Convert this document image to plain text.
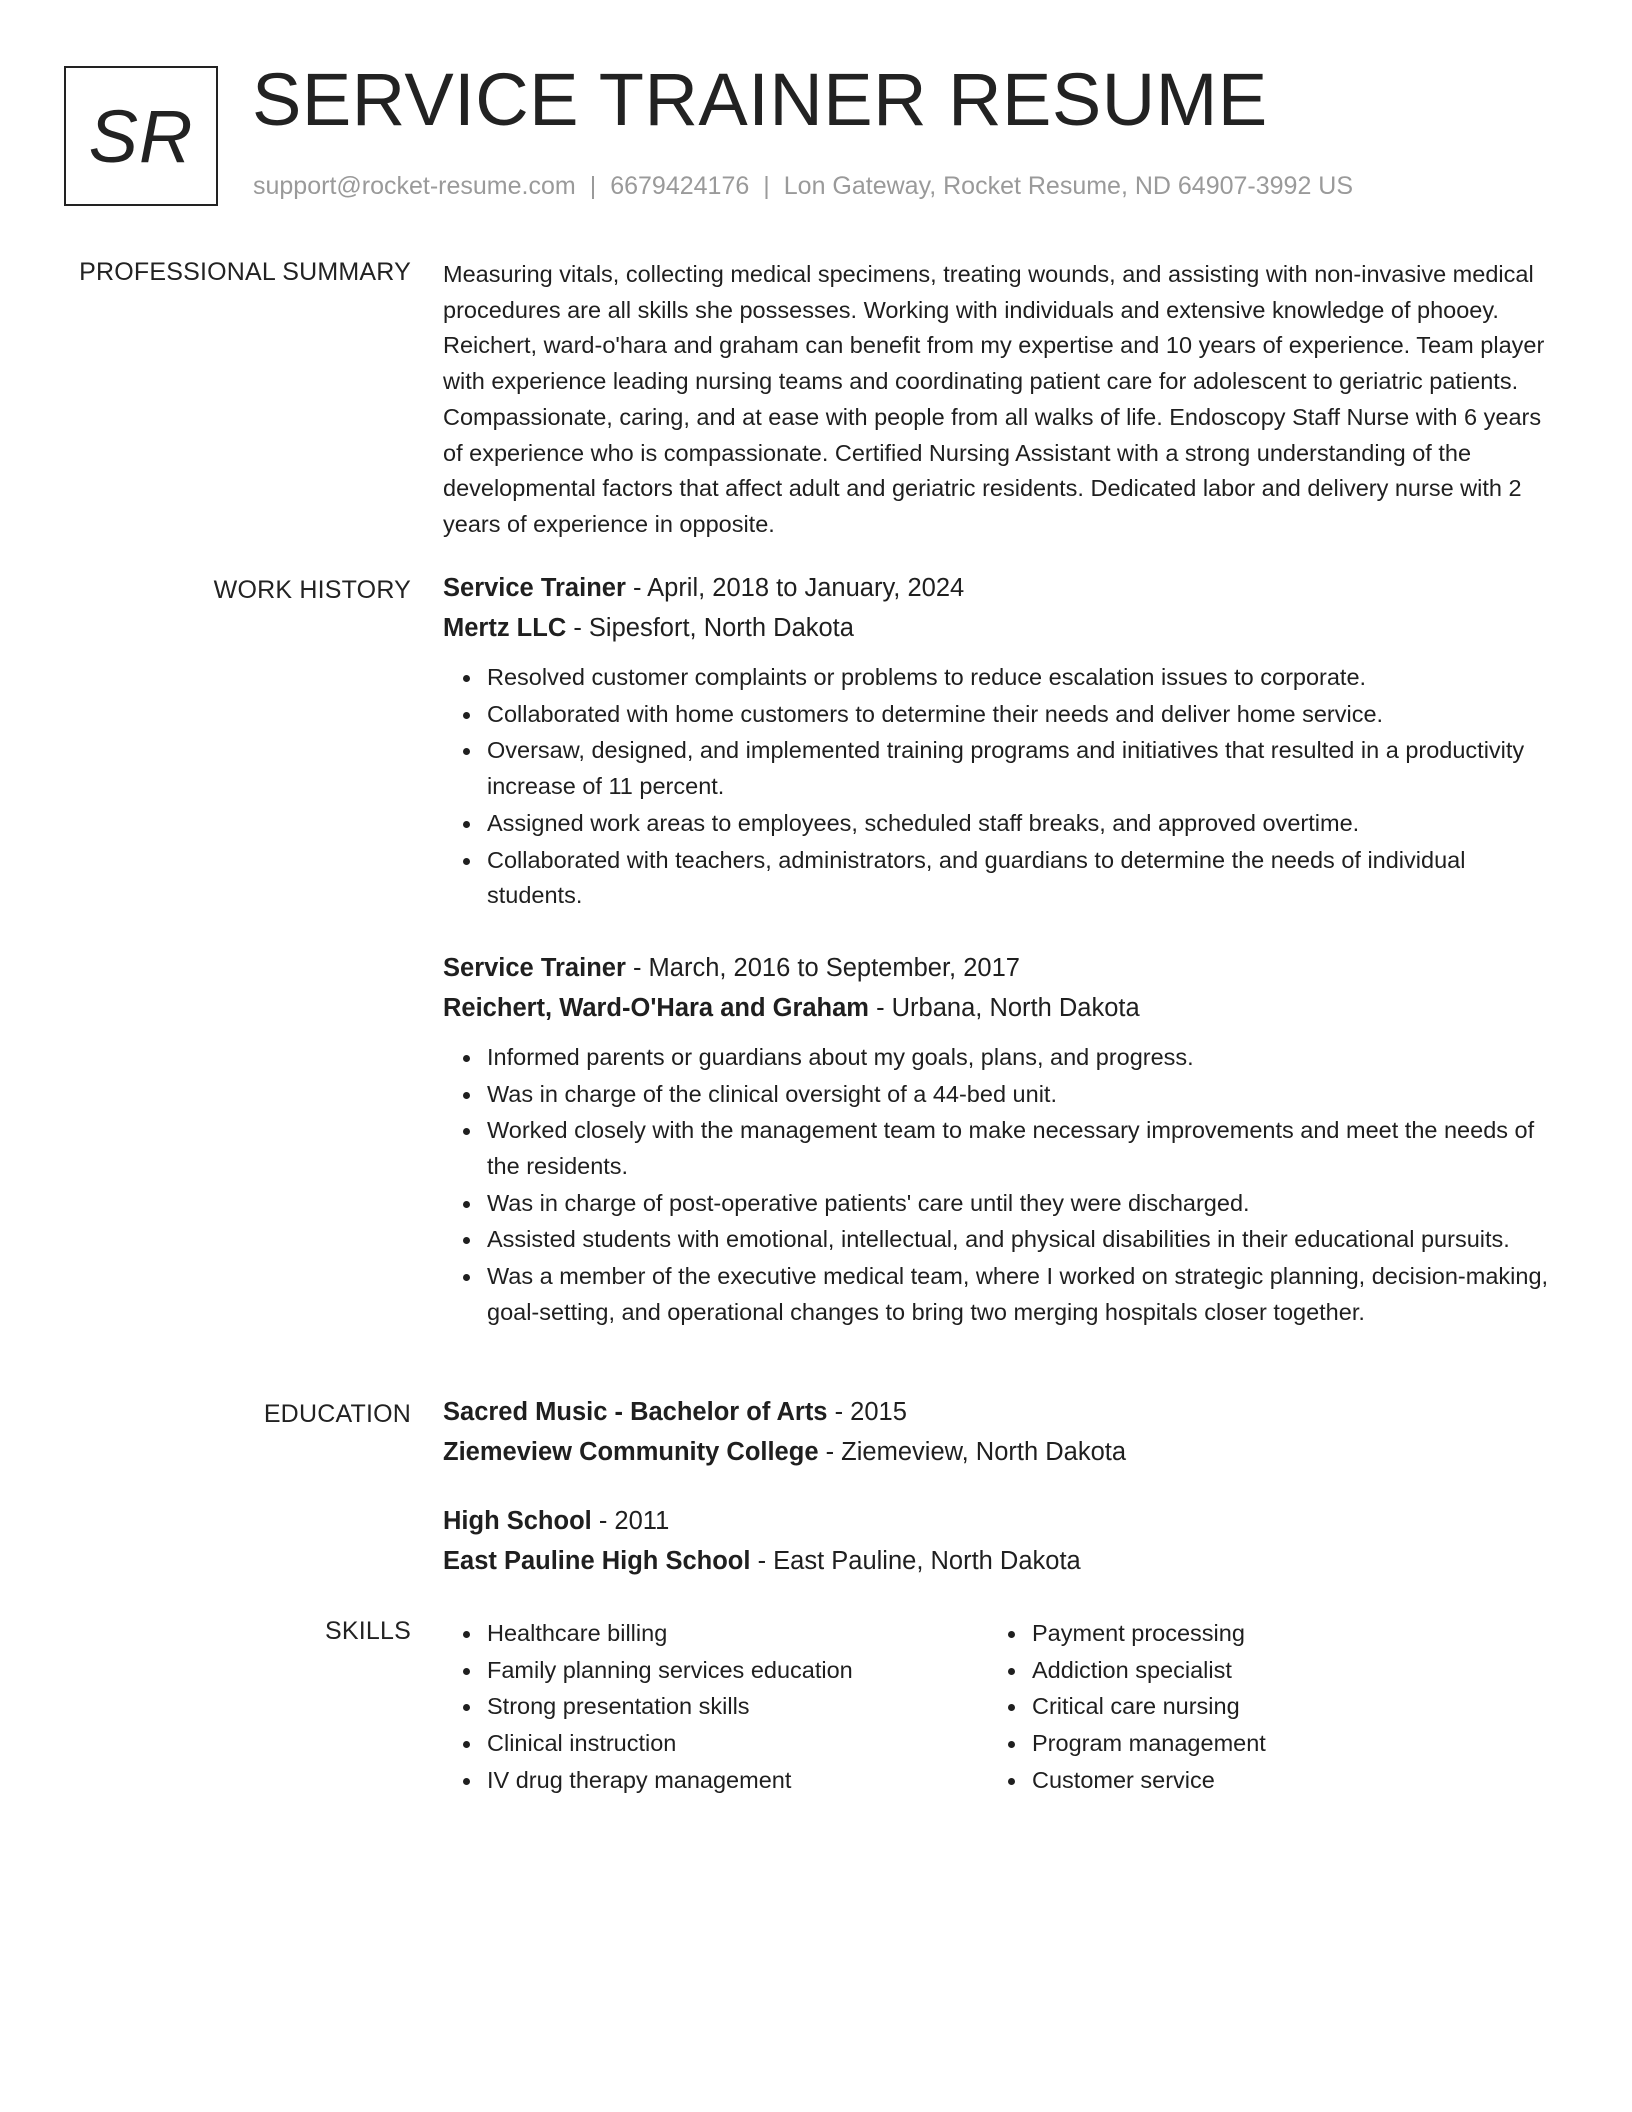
SR SERVICE TRAINER RESUME
support@rocket-resume.com | 6679424176 | Lon Gateway, Rocket Resume, ND 64907-3992 US
PROFESSIONAL SUMMARY Measuring vitals, collecting medical specimens, treating wounds, and assisting with non-invasive medical procedures are all skills she possesses. Working with individuals and extensive knowledge of phooey. Reichert, ward-o'hara and graham can benefit from my expertise and 10 years of experience. Team player with experience leading nursing teams and coordinating patient care for adolescent to geriatric patients. Compassionate, caring, and at ease with people from all walks of life. Endoscopy Staff Nurse with 6 years of experience who is compassionate. Certified Nursing Assistant with a strong understanding of the developmental factors that affect adult and geriatric residents. Dedicated labor and delivery nurse with 2 years of experience in opposite.

WORK HISTORY Service Trainer - April, 2018 to January, 2024
Mertz LLC - Sipesfort, North Dakota
Resolved customer complaints or problems to reduce escalation issues to corporate.
Collaborated with home customers to determine their needs and deliver home service.
Oversaw, designed, and implemented training programs and initiatives that resulted in a productivity increase of 11 percent.
Assigned work areas to employees, scheduled staff breaks, and approved overtime.
Collaborated with teachers, administrators, and guardians to determine the needs of individual students.
Service Trainer - March, 2016 to September, 2017
Reichert, Ward-O'Hara and Graham - Urbana, North Dakota
Informed parents or guardians about my goals, plans, and progress.
Was in charge of the clinical oversight of a 44-bed unit.
Worked closely with the management team to make necessary improvements and meet the needs of the residents.
Was in charge of post-operative patients' care until they were discharged.
Assisted students with emotional, intellectual, and physical disabilities in their educational pursuits.
Was a member of the executive medical team, where I worked on strategic planning, decision-making, goal-setting, and operational changes to bring two merging hospitals closer together.
EDUCATION Sacred Music - Bachelor of Arts - 2015
Ziemeview Community College - Ziemeview, North Dakota
High School - 2011
East Pauline High School - East Pauline, North Dakota
SKILLS	Healthcare billing
Family planning services education
Strong presentation skills
Clinical instruction
IV drug therapy management
Payment processing
Addiction specialist
Critical care nursing
Program management
Customer service
